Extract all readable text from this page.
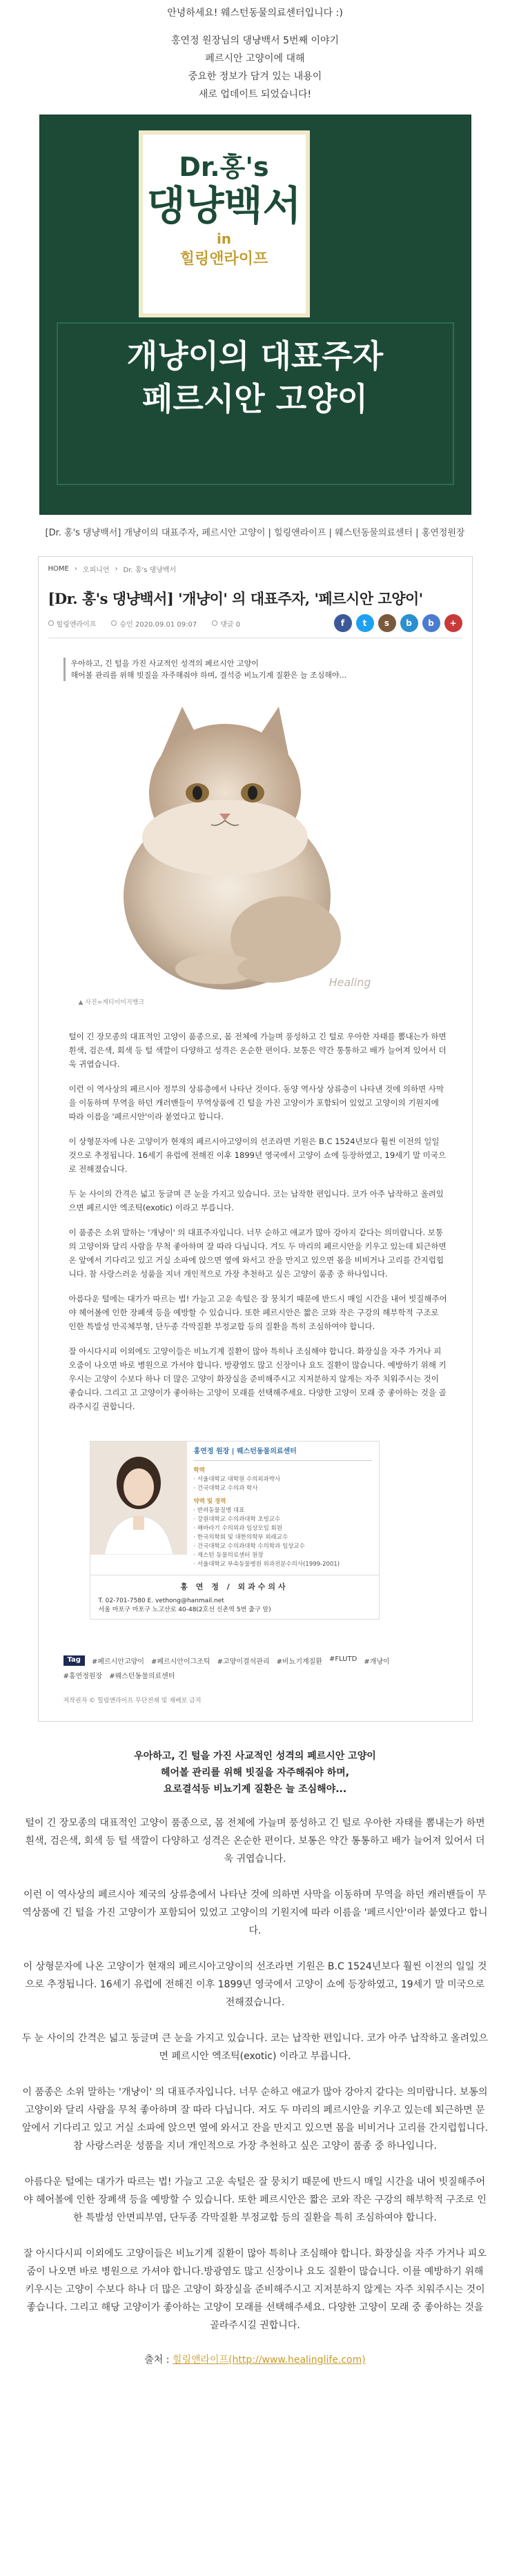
안녕하세요! 웨스턴동물의료센터입니다 :)

홍연정 원장님의 댕냥백서 5번째 이야기

페르시안 고양이에 대해

중요한 정보가 담겨 있는 내용이

새로 업데이트 되었습니다!

Dr.홍's
댕냥백서
in
힐링앤라이프
개냥이의 대표주자
페르시안 고양이
[Dr. 홍's 댕냥백서] 개냥이의 대표주자, 페르시안 고양이 | 힐링앤라이프 | 웨스턴동물의료센터 | 홍연정원장
HOME › 오피니언 › Dr. 홍's 댕냥백서
[Dr. 홍's 댕냥백서] '개냥이' 의 대표주자, '페르시안 고양이'
힐링앤라이프	승인 2020.09.01 09:07	댓글 0	f	t	s	b	b	+
우아하고, 긴 털을 가진 사교적인 성격의 페르시안 고양이
해어볼 관리를 위해 빗질을 자주해줘야 하며, 결석증 비뇨기계 질환은 늘 조심해야...
Healing
▲ 사진=게티이미지뱅크

털이 긴 장모종의 대표적인 고양이 품종으로, 몸 전체에 가늘며 풍성하고 긴 털로 우아한 자태를 뽐내는가 하면 흰색, 검은색, 회색 등 털 색깔이 다양하고 성격은 온순한 편이다. 보통은 약간 통통하고 배가 늘어져 있어서 더욱 귀엽습니다.

이런 이 역사상의 페르시아 정부의 상류층에서 나타난 것이다. 동양 역사상 상류층이 나타낸 것에 의하면 사막을 이동하며 무역을 하던 캐러밴들이 무역상품에 긴 털을 가진 고양이가 포함되어 있었고 고양이의 기원지에 따라 이름을 '페르시안'이라 붙였다고 합니다.

이 상형문자에 나온 고양이가 현재의 페르시아고양이의 선조라면 기원은 B.C 1524년보다 훨씬 이전의 일일 것으로 추정됩니다. 16세기 유럽에 전해진 이후 1899년 영국에서 고양이 쇼에 등장하였고, 19세기 말 미국으로 전해졌습니다.

두 눈 사이의 간격은 넓고 둥글며 큰 눈을 가지고 있습니다. 코는 납작한 편입니다. 코가 아주 납작하고 올려있으면 페르시안 엑조틱(exotic) 이라고 부릅니다.

이 품종은 소위 말하는 '개냥이' 의 대표주자입니다. 너무 순하고 애교가 많아 강아지 같다는 의미랍니다. 보통의 고양이와 달리 사람을 무척 좋아하며 잘 따라 다닙니다. 겨도 두 마리의 페르시안을 키우고 있는데 퇴근하면 온 앞에서 기다리고 있고 거실 소파에 앉으면 옆에 와서고 잔을 만지고 있으면 몸을 비비거나 고리를 간지럽힙니다. 참 사랑스러운 성품을 지녀 개인적으로 가장 추천하고 싶은 고양이 품종 중 하나입니다.

아름다운 털에는 대가가 따르는 법! 가늘고 고운 속털은 잘 뭉치기 때문에 반드시 매일 시간을 내어 빗질해주어야 헤어볼에 인한 장폐색 등을 예방할 수 있습니다. 또한 페르시안은 짧은 코와 작은 구강의 해부학적 구조로 인한 특발성 만곡체부형, 단두종 각막질환 부정교합 등의 질환을 특히 조심하여야 합니다.

잘 아시다시피 이외에도 고양이들은 비뇨기계 질환이 많아 특히나 조심해야 합니다. 화장실을 자주 가거나 피오줌이 나오면 바로 병원으로 가셔야 합니다. 방광염도 많고 신장이나 요도 질환이 많습니다. 예방하기 위해 키우시는 고양이 수보다 하나 더 많은 고양이 화장실을 준비해주시고 지저분하지 않게는 자주 치워주시는 것이 좋습니다. 그리고 고 고양이가 좋아하는 고양이 모래를 선택해주세요. 다양한 고양이 모래 중 좋아하는 것을 골라주시길 권합니다.

홍연정 원장 | 웨스턴동물의료센터
학력
· 서울대학교 대학원 수의외과박사
· 건국대학교 수의과 학사
약력 및 경력
· 반려동물질병 대표
· 강원대학교 수의과대학 초빙교수
· 해바라기 수의외과 임상모임 회원
· 한국의학회 및 대한의학부 외래교수
· 건국대학교 수의과대학 수의학과 임상교수
· 재스턴 동물의료센터 원장
· 서울대학교 부속동물병원 위과전문수의사(1999-2001)
홍 연 정 / 외과수의사
T. 02-701-7580 E. vethong@hanmail.net
서울 마포구 마포구 노고산로 40-48(2호선 신촌역 5번 출구 앞)
Tag	#페르시안고양이 #페르시안이그조틱 #고양이결석관리 #비뇨기계질환 #FLUTD #개냥이
#홍연정원장 #웨스턴동물의료센터
저작권자 © 힐링앤라이프 무단전재 및 재배포 금지
우아하고, 긴 털을 가진 사교적인 성격의 페르시안 고양이
헤어볼 관리를 위해 빗질을 자주해줘야 하며,
요로결석등 비뇨기계 질환은 늘 조심해야...

털이 긴 장모종의 대표적인 고양이 품종으로, 몸 전체에 가늘며 풍성하고 긴 털로 우아한 자태를 뽐내는가 하면 흰색, 검은색, 회색 등 털 색깔이 다양하고 성격은 온순한 편이다. 보통은 약간 통통하고 배가 늘어져 있어서 더욱 귀엽습니다.

이런 이 역사상의 페르시아 제국의 상류층에서 나타난 것에 의하면 사막을 이동하며 무역을 하던 캐러밴들이 무역상품에 긴 털을 가진 고양이가 포함되어 있었고 고양이의 기원지에 따라 이름을 '페르시안'이라 붙였다고 합니다.

이 상형문자에 나온 고양이가 현재의 페르시아고양이의 선조라면 기원은 B.C 1524년보다 훨씬 이전의 일일 것으로 추정됩니다. 16세기 유럽에 전해진 이후 1899년 영국에서 고양이 쇼에 등장하였고, 19세기 말 미국으로 전해졌습니다.

두 눈 사이의 간격은 넓고 둥글며 큰 눈을 가지고 있습니다. 코는 납작한 편입니다. 코가 아주 납작하고 올려있으면 페르시안 엑조틱(exotic) 이라고 부릅니다.

이 품종은 소위 말하는 '개냥이' 의 대표주자입니다. 너무 순하고 애교가 많아 강아지 같다는 의미랍니다. 보통의 고양이와 달리 사람을 무척 좋아하며 잘 따라 다닙니다. 저도 두 마리의 페르시안을 키우고 있는데 퇴근하면 문 앞에서 기다리고 있고 거실 소파에 앉으면 옆에 와서고 잔을 만지고 있으면 몸을 비비거나 고리를 간지럽힙니다. 참 사랑스러운 성품을 지녀 개인적으로 가장 추천하고 싶은 고양이 품종 중 하나입니다.

아름다운 털에는 대가가 따르는 법! 가늘고 고운 속털은 잘 뭉치기 때문에 반드시 매일 시간을 내어 빗질해주어야 헤어볼에 인한 장폐색 등을 예방할 수 있습니다. 또한 페르시안은 짧은 코와 작은 구강의 해부학적 구조로 인한 특발성 안면피부염, 단두종 각막질환 부정교합 등의 질환을 특히 조심하여야 합니다.

잘 아시다시피 이외에도 고양이들은 비뇨기계 질환이 많아 특히나 조심해야 합니다. 화장실을 자주 가거나 피오줌이 나오면 바로 병원으로 가셔야 합니다.방광염도 많고 신장이나 요도 질환이 많습니다. 이를 예방하기 위해 키우시는 고양이 수보다 하나 더 많은 고양이 화장실을 준비해주시고 지저분하지 않게는 자주 치워주시는 것이 좋습니다. 그리고 해당 고양이가 좋아하는 고양이 모래를 선택해주세요. 다양한 고양이 모래 중 좋아하는 것을 골라주시길 권합니다.

출처 : 힐링앤라이프(http://www.healinglife.com)
